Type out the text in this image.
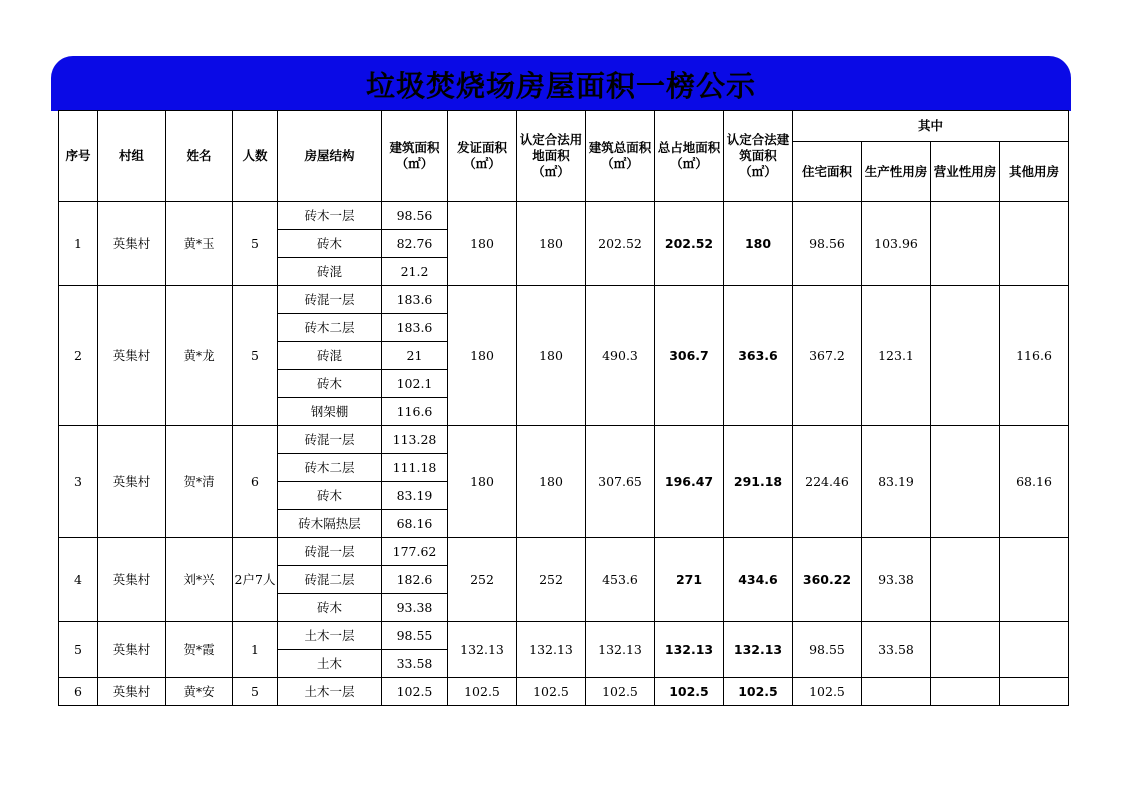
垃圾焚烧场房屋面积一榜公示
序号	村组	姓名	人数	房屋结构	建筑面积（㎡）	发证面积（㎡）	认定合法用地面积（㎡）	建筑总面积 （㎡）	总占地面积（㎡）	认定合法建筑面积（㎡）	其中			
											住宅面积	生产性用房	营业性用房	其他用房
1	英集村	黄*玉	5	砖木一层	98.56	180	180	202.52	202.52	180	98.56	103.96		
				砖木	82.76									
				砖混	21.2									
2	英集村	黄*龙	5	砖混一层	183.6	180	180	490.3	306.7	363.6	367.2	123.1		116.6
				砖木二层	183.6									
				砖混	21									
				砖木	102.1									
				钢架棚	116.6									
3	英集村	贺*清	6	砖混一层	113.28	180	180	307.65	196.47	291.18	224.46	83.19		68.16
				砖木二层	111.18									
				砖木	83.19									
				砖木隔热层	68.16									
4	英集村	刘*兴	2户7人	砖混一层	177.62	252	252	453.6	271	434.6	360.22	93.38		
				砖混二层	182.6									
				砖木	93.38									
5	英集村	贺*霞	1	土木一层	98.55	132.13	132.13	132.13	132.13	132.13	98.55	33.58		
				土木	33.58									
6	英集村	黄*安	5	土木一层	102.5	102.5	102.5	102.5	102.5	102.5	102.5			
